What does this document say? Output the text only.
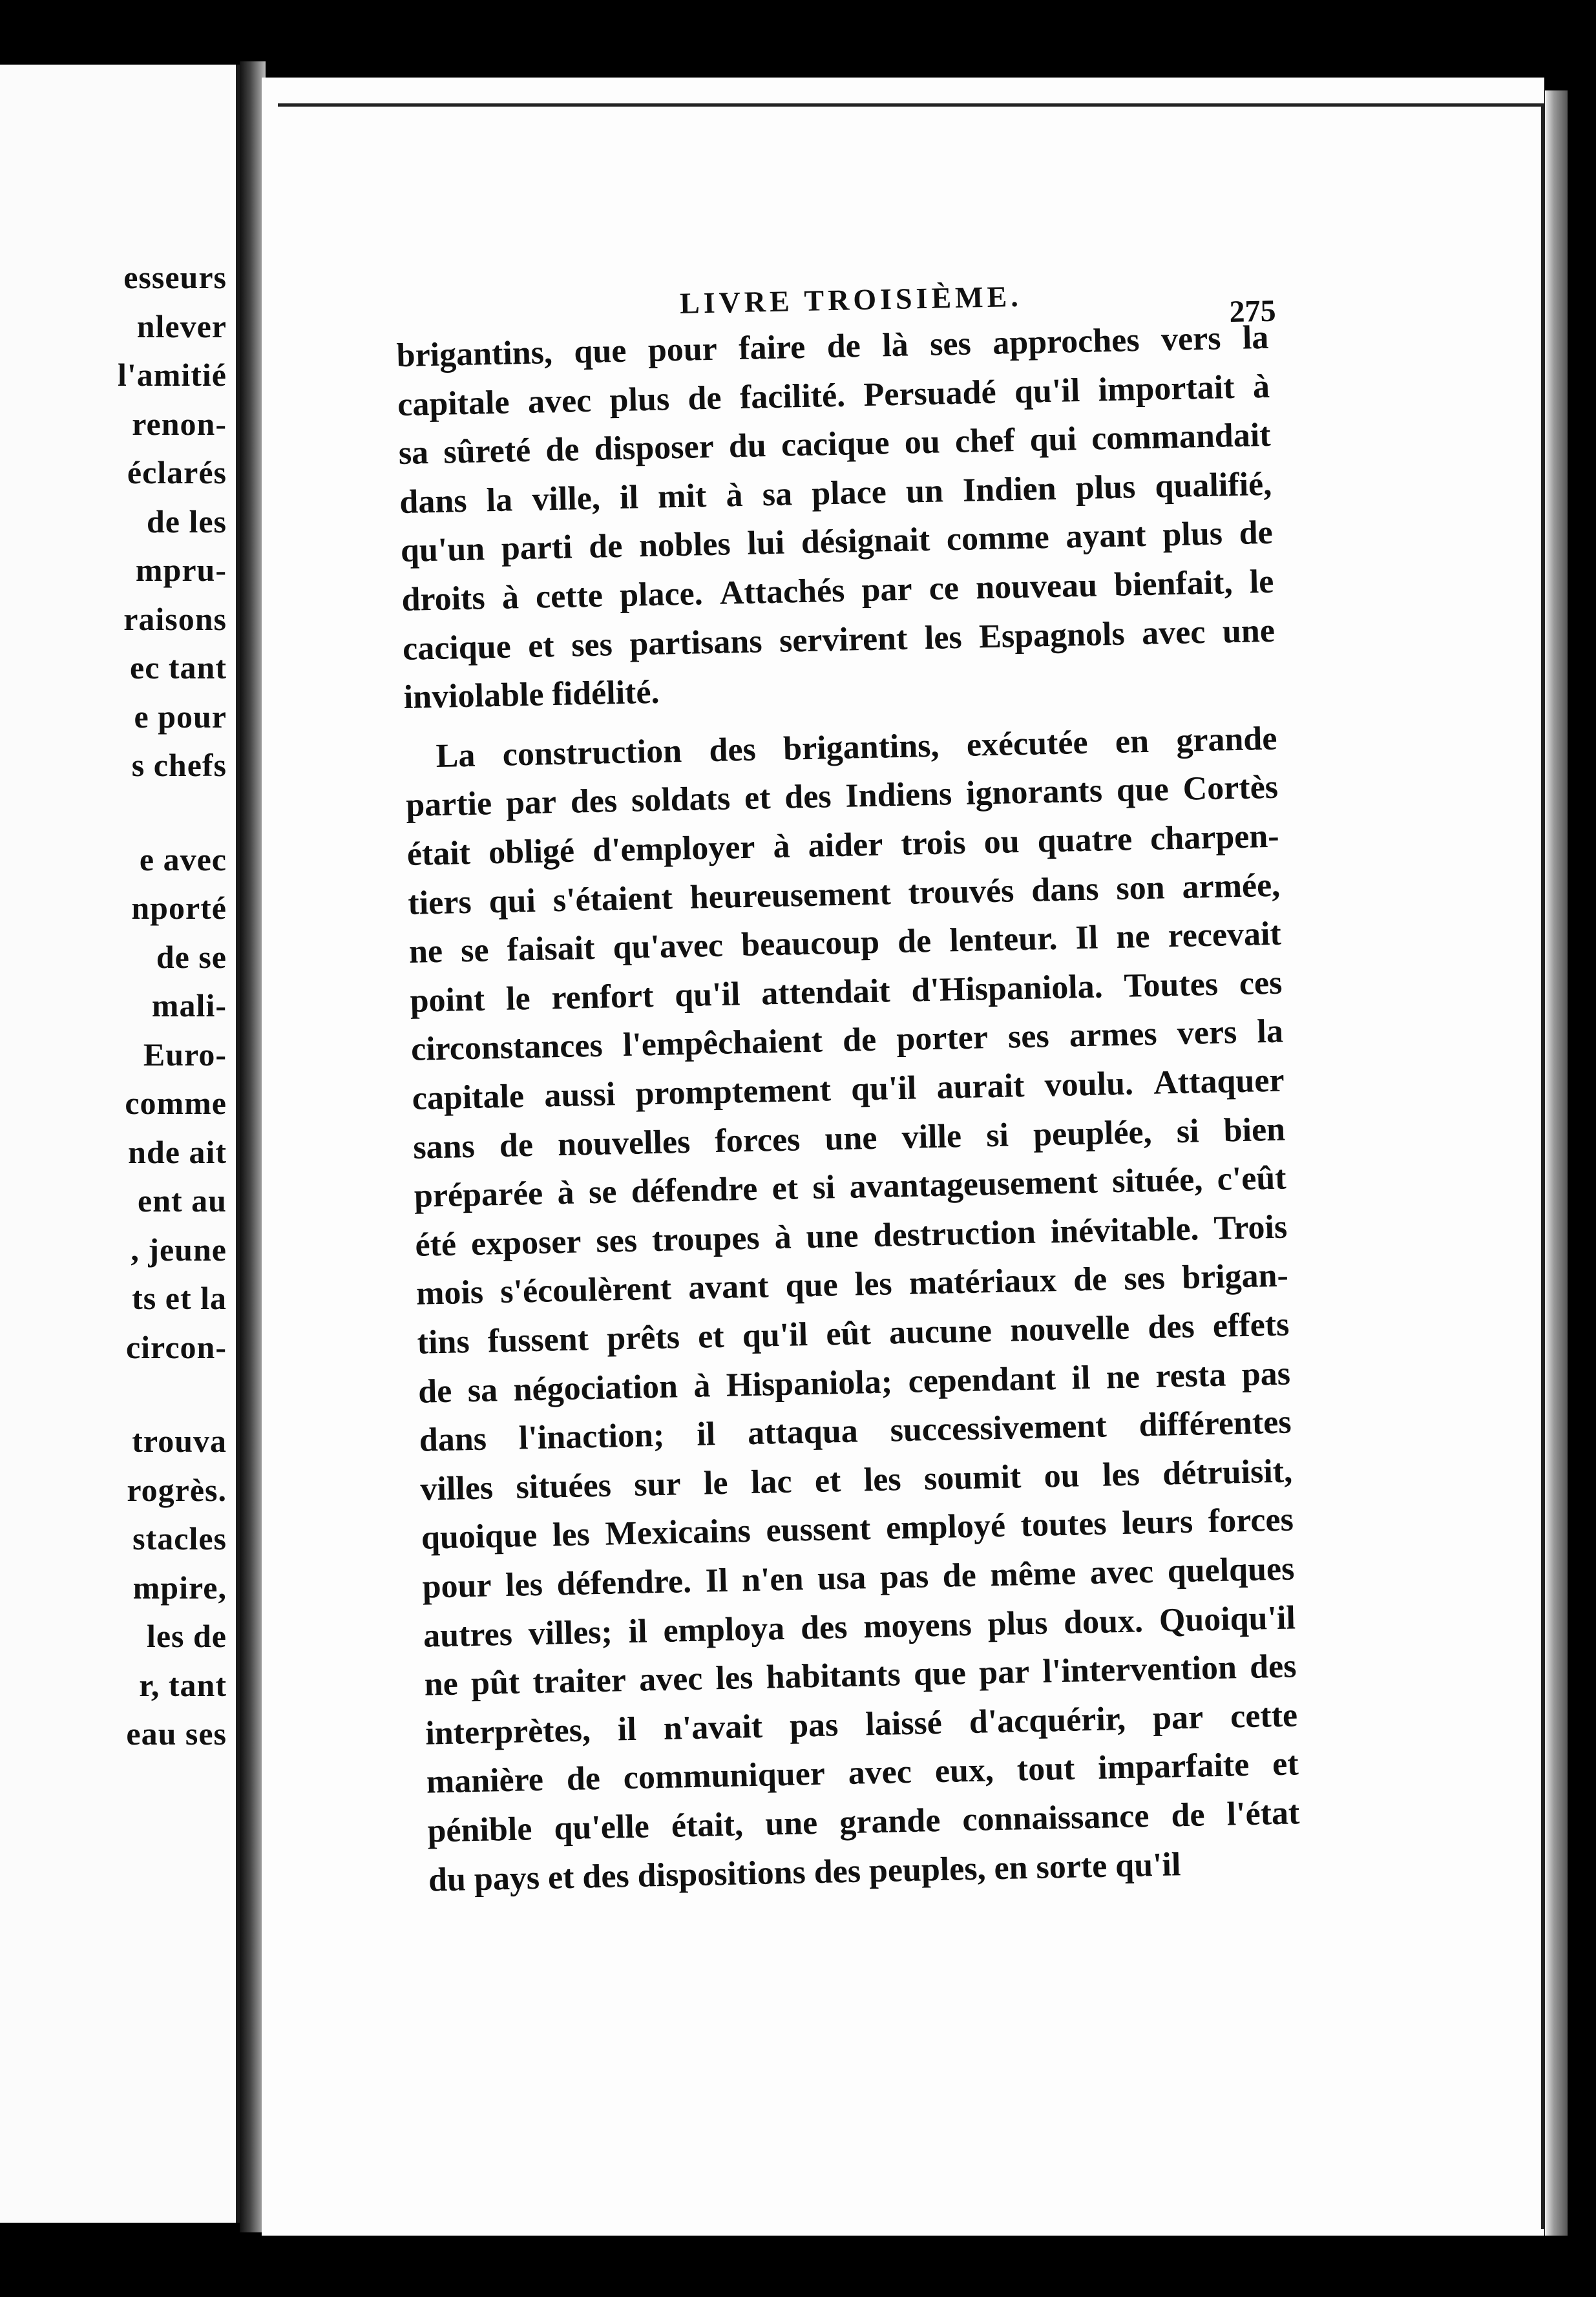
esseurs
nlever
l'amitié
renon-
éclarés
de les
mpru-
raisons
ec tant
e pour
s chefs
e avec
nporté
de se
mali-
Euro-
comme
nde ait
ent au
, jeune
ts et la
circon-
trouva
rogrès.
stacles
mpire,
les de
r, tant
eau ses
LIVRE TROISIÈME.	275
brigantins, que pour faire de là ses approches vers la
capitale avec plus de facilité. Persuadé qu'il importait à
sa sûreté de disposer du cacique ou chef qui commandait
dans la ville, il mit à sa place un Indien plus qualifié,
qu'un parti de nobles lui désignait comme ayant plus de
droits à cette place. Attachés par ce nouveau bienfait, le
cacique et ses partisans servirent les Espagnols avec une
inviolable fidélité.
La construction des brigantins, exécutée en grande
partie par des soldats et des Indiens ignorants que Cortès
était obligé d'employer à aider trois ou quatre charpen-
tiers qui s'étaient heureusement trouvés dans son armée,
ne se faisait qu'avec beaucoup de lenteur. Il ne recevait
point le renfort qu'il attendait d'Hispaniola. Toutes ces
circonstances l'empêchaient de porter ses armes vers la
capitale aussi promptement qu'il aurait voulu. Attaquer
sans de nouvelles forces une ville si peuplée, si bien
préparée à se défendre et si avantageusement située, c'eût
été exposer ses troupes à une destruction inévitable. Trois
mois s'écoulèrent avant que les matériaux de ses brigan-
tins fussent prêts et qu'il eût aucune nouvelle des effets
de sa négociation à Hispaniola; cependant il ne resta pas
dans l'inaction; il attaqua successivement différentes
villes situées sur le lac et les soumit ou les détruisit,
quoique les Mexicains eussent employé toutes leurs forces
pour les défendre. Il n'en usa pas de même avec quelques
autres villes; il employa des moyens plus doux. Quoiqu'il
ne pût traiter avec les habitants que par l'intervention des
interprètes, il n'avait pas laissé d'acquérir, par cette
manière de communiquer avec eux, tout imparfaite et
pénible qu'elle était, une grande connaissance de l'état
du pays et des dispositions des peuples, en sorte qu'il
